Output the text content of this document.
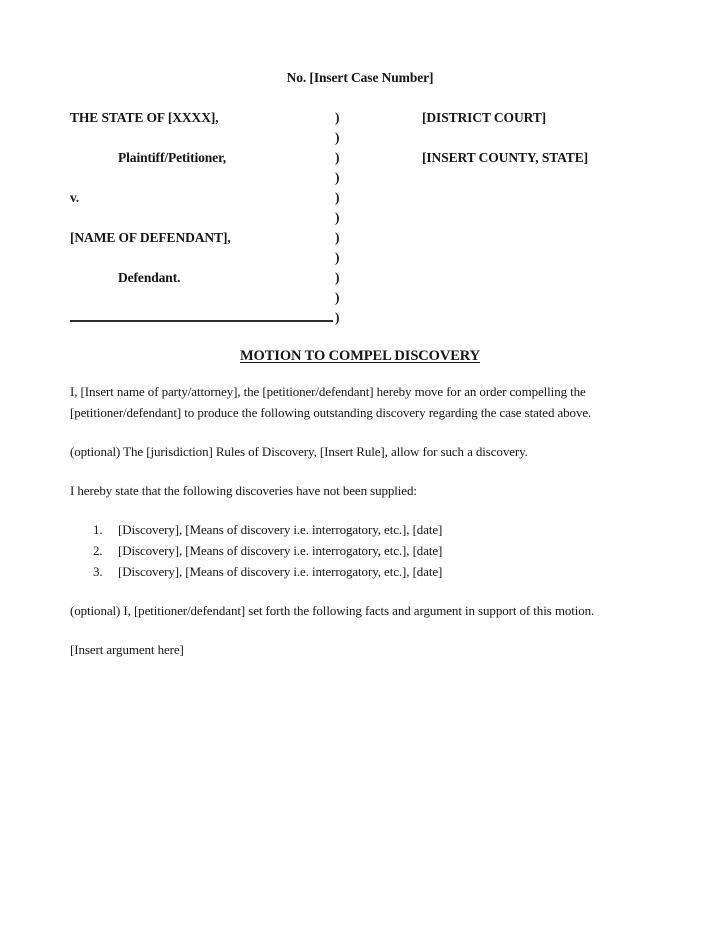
No. [Insert Case Number]
THE STATE OF [XXXX],	)	[DISTRICT COURT]
)
Plaintiff/Petitioner,	)	[INSERT COUNTY, STATE]
)
v.	)
)
[NAME OF DEFENDANT],	)
)
Defendant.	)
)
)
MOTION TO COMPEL DISCOVERY

I, [Insert name of party/attorney], the [petitioner/defendant] hereby move for an order compelling the [petitioner/defendant] to produce the following outstanding discovery regarding the case stated above.

(optional) The [jurisdiction] Rules of Discovery, [Insert Rule], allow for such a discovery.

I hereby state that the following discoveries have not been supplied:

1.	[Discovery], [Means of discovery i.e. interrogatory, etc.], [date]
2.	[Discovery], [Means of discovery i.e. interrogatory, etc.], [date]
3.	[Discovery], [Means of discovery i.e. interrogatory, etc.], [date]

(optional) I, [petitioner/defendant] set forth the following facts and argument in support of this motion.

[Insert argument here]
